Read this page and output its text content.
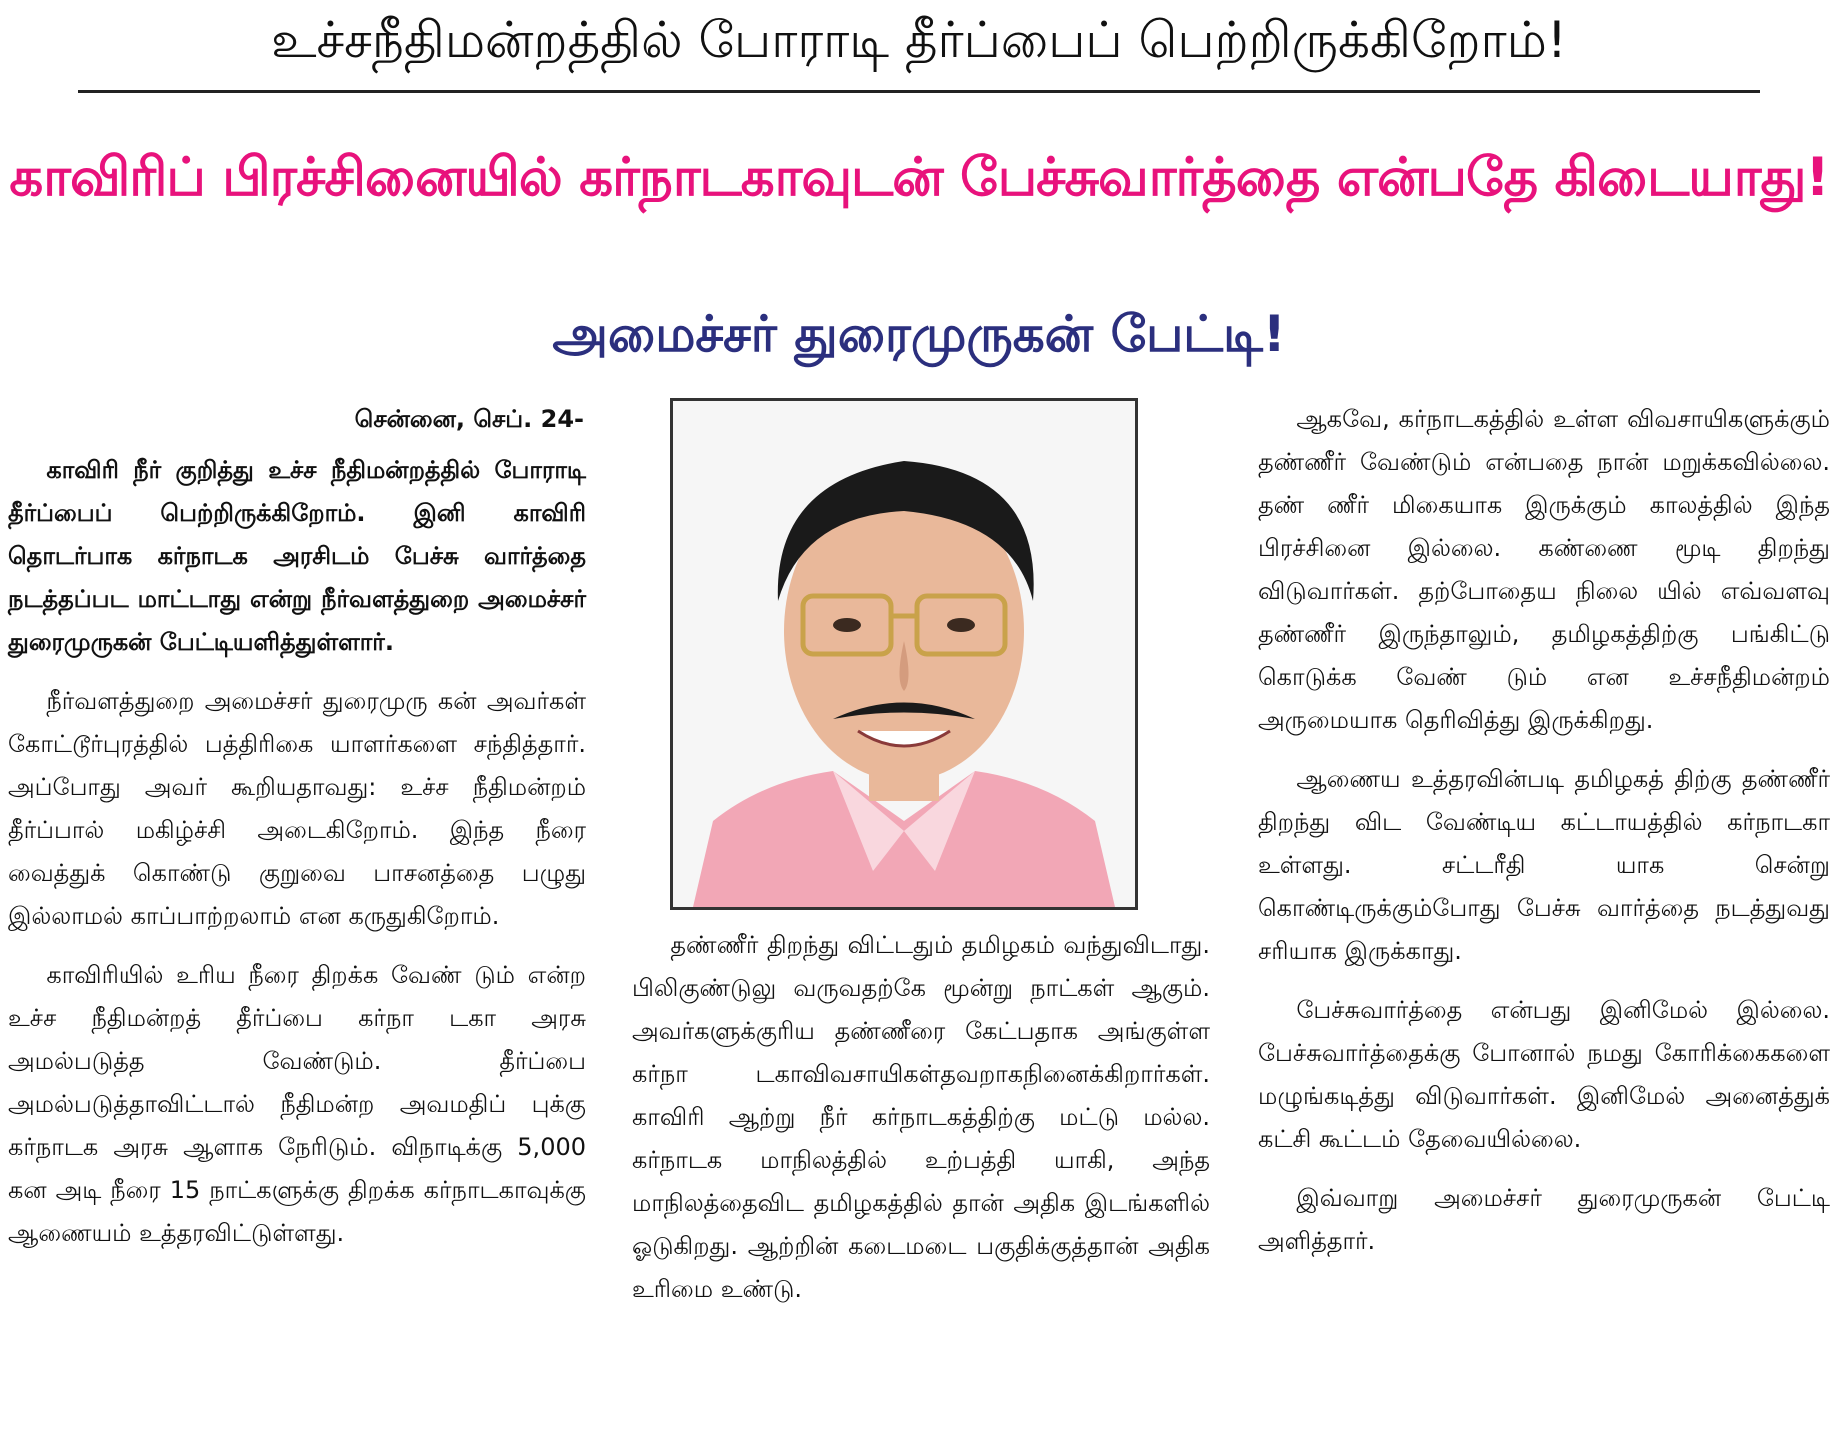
உச்சநீதிமன்றத்தில் போராடி தீர்ப்பைப் பெற்றிருக்கிறோம்!
காவிரிப் பிரச்சினையில் கர்நாடகாவுடன் பேச்சுவார்த்தை என்பதே கிடையாது!
அமைச்சர் துரைமுருகன் பேட்டி!
சென்னை, செப். 24-

காவிரி நீர் குறித்து உச்ச நீதிமன்றத்தில் போராடி தீர்ப்பைப் பெற்றிருக்கிறோம். இனி காவிரி தொடர்பாக கர்நாடக அரசிடம் பேச்சு வார்த்தை நடத்தப்பட மாட்டாது என்று நீர்வளத்துறை அமைச்சர் துரைமுருகன் பேட்டியளித்துள்ளார்.

நீர்வளத்துறை அமைச்சர் துரைமுரு கன் அவர்கள் கோட்டூர்புரத்தில் பத்திரிகை யாளர்களை சந்தித்தார். அப்போது அவர் கூறியதாவது: உச்ச நீதிமன்றம் தீர்ப்பால் மகிழ்ச்சி அடைகிறோம். இந்த நீரை வைத்துக் கொண்டு குறுவை பாசனத்தை பழுது இல்லாமல் காப்பாற்றலாம் என கருதுகிறோம்.

காவிரியில் உரிய நீரை திறக்க வேண் டும் என்ற உச்ச நீதிமன்றத் தீர்ப்பை கர்நா டகா அரசு அமல்படுத்த வேண்டும். தீர்ப்பை அமல்படுத்தாவிட்டால் நீதிமன்ற அவமதிப் புக்கு கர்நாடக அரசு ஆளாக நேரிடும். விநாடிக்கு 5,000 கன அடி நீரை 15 நாட்களுக்கு திறக்க கர்நாடகாவுக்கு ஆணையம் உத்தரவிட்டுள்ளது.

தண்ணீர் திறந்து விட்டதும் தமிழகம் வந்துவிடாது. பிலிகுண்டுலு வருவதற்கே மூன்று நாட்கள் ஆகும். அவர்களுக்குரிய தண்ணீரை கேட்பதாக அங்குள்ள கர்நா டகாவிவசாயிகள்தவறாகநினைக்கிறார்கள். காவிரி ஆற்று நீர் கர்நாடகத்திற்கு மட்டு மல்ல. கர்நாடக மாநிலத்தில் உற்பத்தி யாகி, அந்த மாநிலத்தைவிட தமிழகத்தில் தான் அதிக இடங்களில் ஓடுகிறது. ஆற்றின் கடைமடை பகுதிக்குத்தான் அதிக உரிமை உண்டு.

ஆகவே, கர்நாடகத்தில் உள்ள விவசாயிகளுக்கும் தண்ணீர் வேண்டும் என்பதை நான் மறுக்கவில்லை. தண் ணீர் மிகையாக இருக்கும் காலத்தில் இந்த பிரச்சினை இல்லை. கண்ணை மூடி திறந்து விடுவார்கள். தற்போதைய நிலை யில் எவ்வளவு தண்ணீர் இருந்தாலும், தமிழகத்திற்கு பங்கிட்டு கொடுக்க வேண் டும் என உச்சநீதிமன்றம் அருமையாக தெரிவித்து இருக்கிறது.

ஆணைய உத்தரவின்படி தமிழகத் திற்கு தண்ணீர் திறந்து விட வேண்டிய கட்டாயத்தில் கர்நாடகா உள்ளது. சட்டரீதி யாக சென்று கொண்டிருக்கும்போது பேச்சு வார்த்தை நடத்துவது சரியாக இருக்காது.

பேச்சுவார்த்தை என்பது இனிமேல் இல்லை. பேச்சுவார்த்தைக்கு போனால் நமது கோரிக்கைகளை மழுங்கடித்து விடுவார்கள். இனிமேல் அனைத்துக் கட்சி கூட்டம் தேவையில்லை.

இவ்வாறு அமைச்சர் துரைமுருகன் பேட்டி அளித்தார்.
